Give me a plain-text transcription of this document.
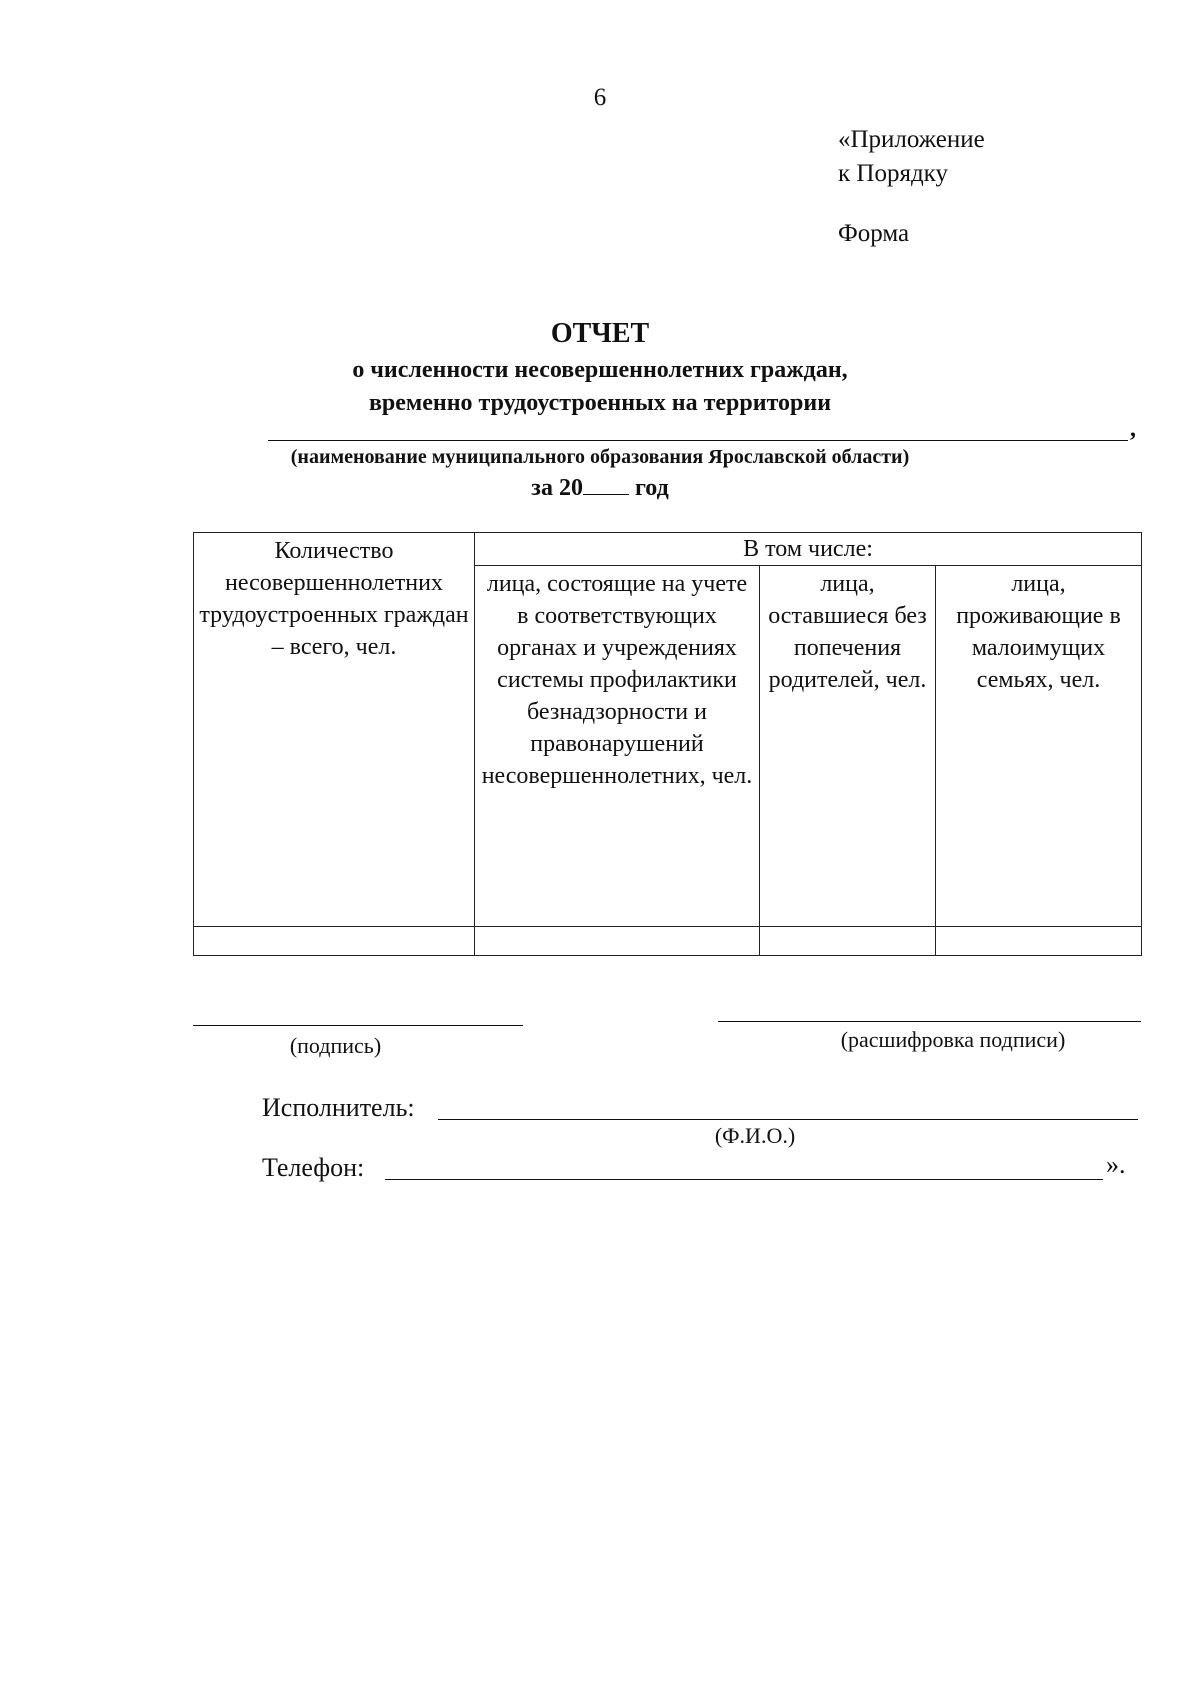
6
«Приложение
к Порядку
Форма
ОТЧЕТ
о численности несовершеннолетних граждан,
временно трудоустроенных на территории
,
(наименование муниципального образования Ярославской области)
за 20 год
Количество несовершеннолетних трудоустроенных граждан – всего, чел.	В том числе:		
	лица, состоящие на учете в соответствующих органах и учреждениях системы профилактики безнадзорности и правонарушений несовершеннолетних, чел.	лица, оставшиеся без попечения родителей, чел.	лица, проживающие в малоимущих семьях, чел.

(подпись)	(расшифровка подписи)
Исполнитель:
(Ф.И.О.)
Телефон:	».
